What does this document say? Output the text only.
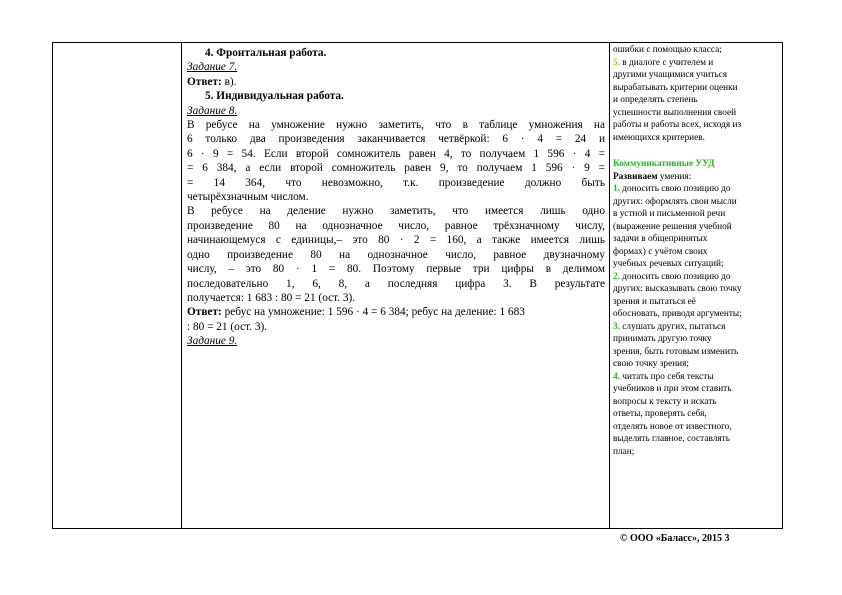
4. Фронтальная работа.
Задание 7.
Ответ: в).
5. Индивидуальная работа.
Задание 8.
В ребусе на умножение нужно заметить, что в таблице умножения на
6 только два произведения заканчивается четвёркой: 6 · 4 = 24 и
6 · 9 = 54. Если второй сомножитель равен 4, то получаем 1 596 · 4 =
= 6 384, а если второй сомножитель равен 9, то получаем 1 596 · 9 =
= 14 364, что невозможно, т.к. произведение должно быть
четырёхзначным числом.
В ребусе на деление нужно заметить, что имеется лишь одно
произведение 80 на однозначное число, равное трёхзначному числу,
начинающемуся с единицы,– это 80 · 2 = 160, а также имеется лишь
одно произведение 80 на однозначное число, равное двузначному
числу, – это 80 · 1 = 80. Поэтому первые три цифры в делимом
последовательно 1, 6, 8, а последняя цифра 3. В результате
получается: 1 683 : 80 = 21 (ост. 3).
Ответ: ребус на умножение: 1 596 · 4 = 6 384; ребус на деление: 1 683
: 80 = 21 (ост. 3).
Задание 9.
ошибки с помощью класса;
5. в диалоге с учителем и
другими учащимися учиться
вырабатывать критерии оценки
и определять степень
успешности выполнения своей
работы и работы всех, исходя из
имеющихся критериев.
Коммуникативные УУД
Развиваем умения:
1. доносить свою позицию до
других: оформлять свои мысли
в устной и письменной речи
(выражение решения учебной
задачи в общепринятых
формах) с учётом своих
учебных речевых ситуаций;
2. доносить свою позицию до
других: высказывать свою точку
зрения и пытаться её
обосновать, приводя аргументы;
3. слушать других, пытаться
принимать другую точку
зрения, быть готовым изменить
свою точку зрения;
4. читать про себя тексты
учебников и при этом ставить
вопросы к тексту и искать
ответы, проверять себя,
отделять новое от известного,
выделять главное, составлять
план;
© ООО «Баласс», 2015 3
